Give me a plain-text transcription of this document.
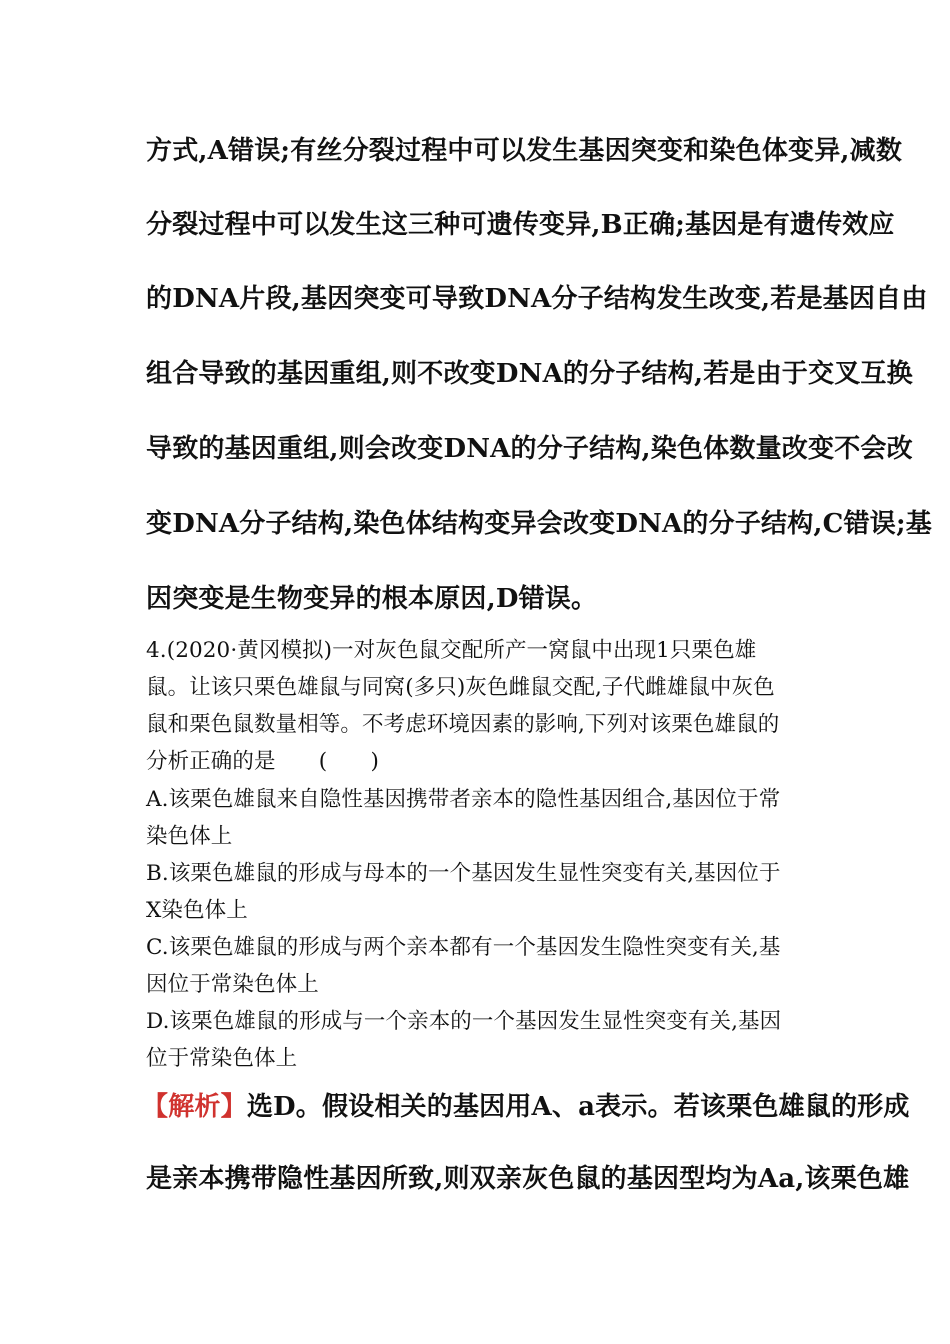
方式,A错误;有丝分裂过程中可以发生基因突变和染色体变异,减数
分裂过程中可以发生这三种可遗传变异,B正确;基因是有遗传效应
的DNA片段,基因突变可导致DNA分子结构发生改变,若是基因自由
组合导致的基因重组,则不改变DNA的分子结构,若是由于交叉互换
导致的基因重组,则会改变DNA的分子结构,染色体数量改变不会改
变DNA分子结构,染色体结构变异会改变DNA的分子结构,C错误;基
因突变是生物变异的根本原因,D错误。
4.(2020·黄冈模拟)一对灰色鼠交配所产一窝鼠中出现1只栗色雄
鼠。让该只栗色雄鼠与同窝(多只)灰色雌鼠交配,子代雌雄鼠中灰色
鼠和栗色鼠数量相等。不考虑环境因素的影响,下列对该栗色雄鼠的
分析正确的是　　(　　)
A.该栗色雄鼠来自隐性基因携带者亲本的隐性基因组合,基因位于常
染色体上
B.该栗色雄鼠的形成与母本的一个基因发生显性突变有关,基因位于
X染色体上
C.该栗色雄鼠的形成与两个亲本都有一个基因发生隐性突变有关,基
因位于常染色体上
D.该栗色雄鼠的形成与一个亲本的一个基因发生显性突变有关,基因
位于常染色体上
【解析】选D。假设相关的基因用A、a表示。若该栗色雄鼠的形成
是亲本携带隐性基因所致,则双亲灰色鼠的基因型均为Aa,该栗色雄
